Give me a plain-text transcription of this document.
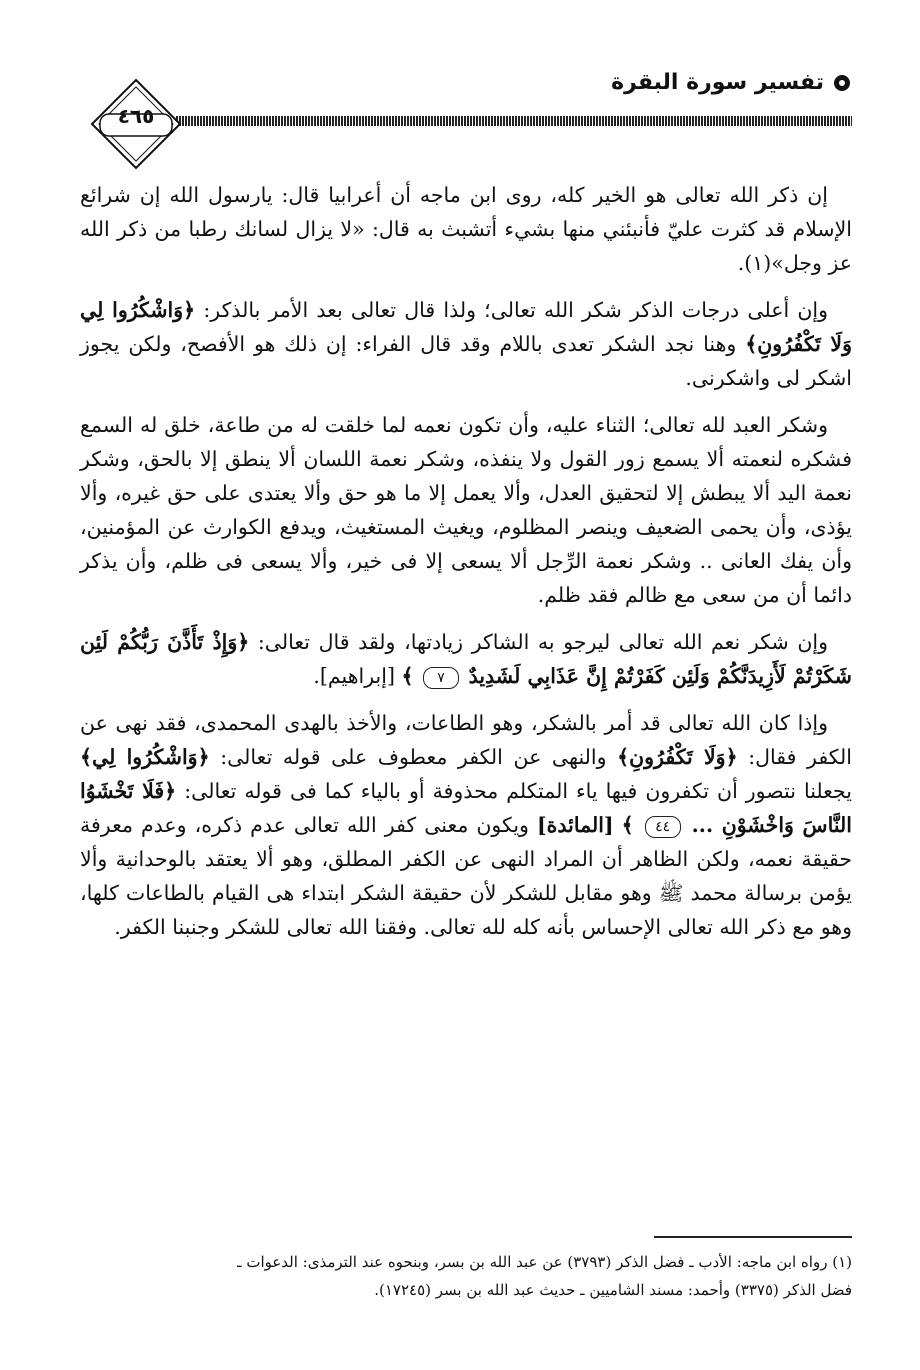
تفسير سورة البقرة
٤٦٥

إن ذكر الله تعالى هو الخير كله، روى ابن ماجه أن أعرابيا قال: يارسول الله إن شرائع الإسلام قد كثرت عليّ فأنبئني منها بشيء أتشبث به قال: «لا يزال لسانك رطبا من ذكر الله عز وجل»(١).

وإن أعلى درجات الذكر شكر الله تعالى؛ ولذا قال تعالى بعد الأمر بالذكر: ﴿وَاشْكُرُوا لِي وَلَا تَكْفُرُونِ﴾ وهنا نجد الشكر تعدى باللام وقد قال الفراء: إن ذلك هو الأفصح، ولكن يجوز اشكر لى واشكرنى.

وشكر العبد لله تعالى؛ الثناء عليه، وأن تكون نعمه لما خلقت له من طاعة، خلق له السمع فشكره لنعمته ألا يسمع زور القول ولا ينفذه، وشكر نعمة اللسان ألا ينطق إلا بالحق، وشكر نعمة اليد ألا يبطش إلا لتحقيق العدل، وألا يعمل إلا ما هو حق وألا يعتدى على حق غيره، وألا يؤذى، وأن يحمى الضعيف وينصر المظلوم، ويغيث المستغيث، ويدفع الكوارث عن المؤمنين، وأن يفك العانى .. وشكر نعمة الرِّجل ألا يسعى إلا فى خير، وألا يسعى فى ظلم، وأن يذكر دائما أن من سعى مع ظالم فقد ظلم.

وإن شكر نعم الله تعالى ليرجو به الشاكر زيادتها، ولقد قال تعالى: ﴿وَإِذْ تَأَذَّنَ رَبُّكُمْ لَئِن شَكَرْتُمْ لَأَزِيدَنَّكُمْ وَلَئِن كَفَرْتُمْ إِنَّ عَذَابِي لَشَدِيدٌ ٧ ﴾ [إبراهيم].

وإذا كان الله تعالى قد أمر بالشكر، وهو الطاعات، والأخذ بالهدى المحمدى، فقد نهى عن الكفر فقال: ﴿وَلَا تَكْفُرُونِ﴾ والنهى عن الكفر معطوف على قوله تعالى: ﴿وَاشْكُرُوا لِي﴾ يجعلنا نتصور أن تكفرون فيها ياء المتكلم محذوفة أو بالياء كما فى قوله تعالى: ﴿فَلَا تَخْشَوُا النَّاسَ وَاخْشَوْنِ ... ٤٤ ﴾ [المائدة] ويكون معنى كفر الله تعالى عدم ذكره، وعدم معرفة حقيقة نعمه، ولكن الظاهر أن المراد النهى عن الكفر المطلق، وهو ألا يعتقد بالوحدانية وألا يؤمن برسالة محمد ﷺ وهو مقابل للشكر لأن حقيقة الشكر ابتداء هى القيام بالطاعات كلها، وهو مع ذكر الله تعالى الإحساس بأنه كله لله تعالى. وفقنا الله تعالى للشكر وجنبنا الكفر.

(١) رواه ابن ماجه: الأدب ـ فضل الذكر (٣٧٩٣) عن عبد الله بن بسر، وبنحوه عند الترمذى: الدعوات ـ

فضل الذكر (٣٣٧٥) وأحمد: مسند الشاميين ـ حديث عبد الله بن بسر (١٧٢٤٥).
